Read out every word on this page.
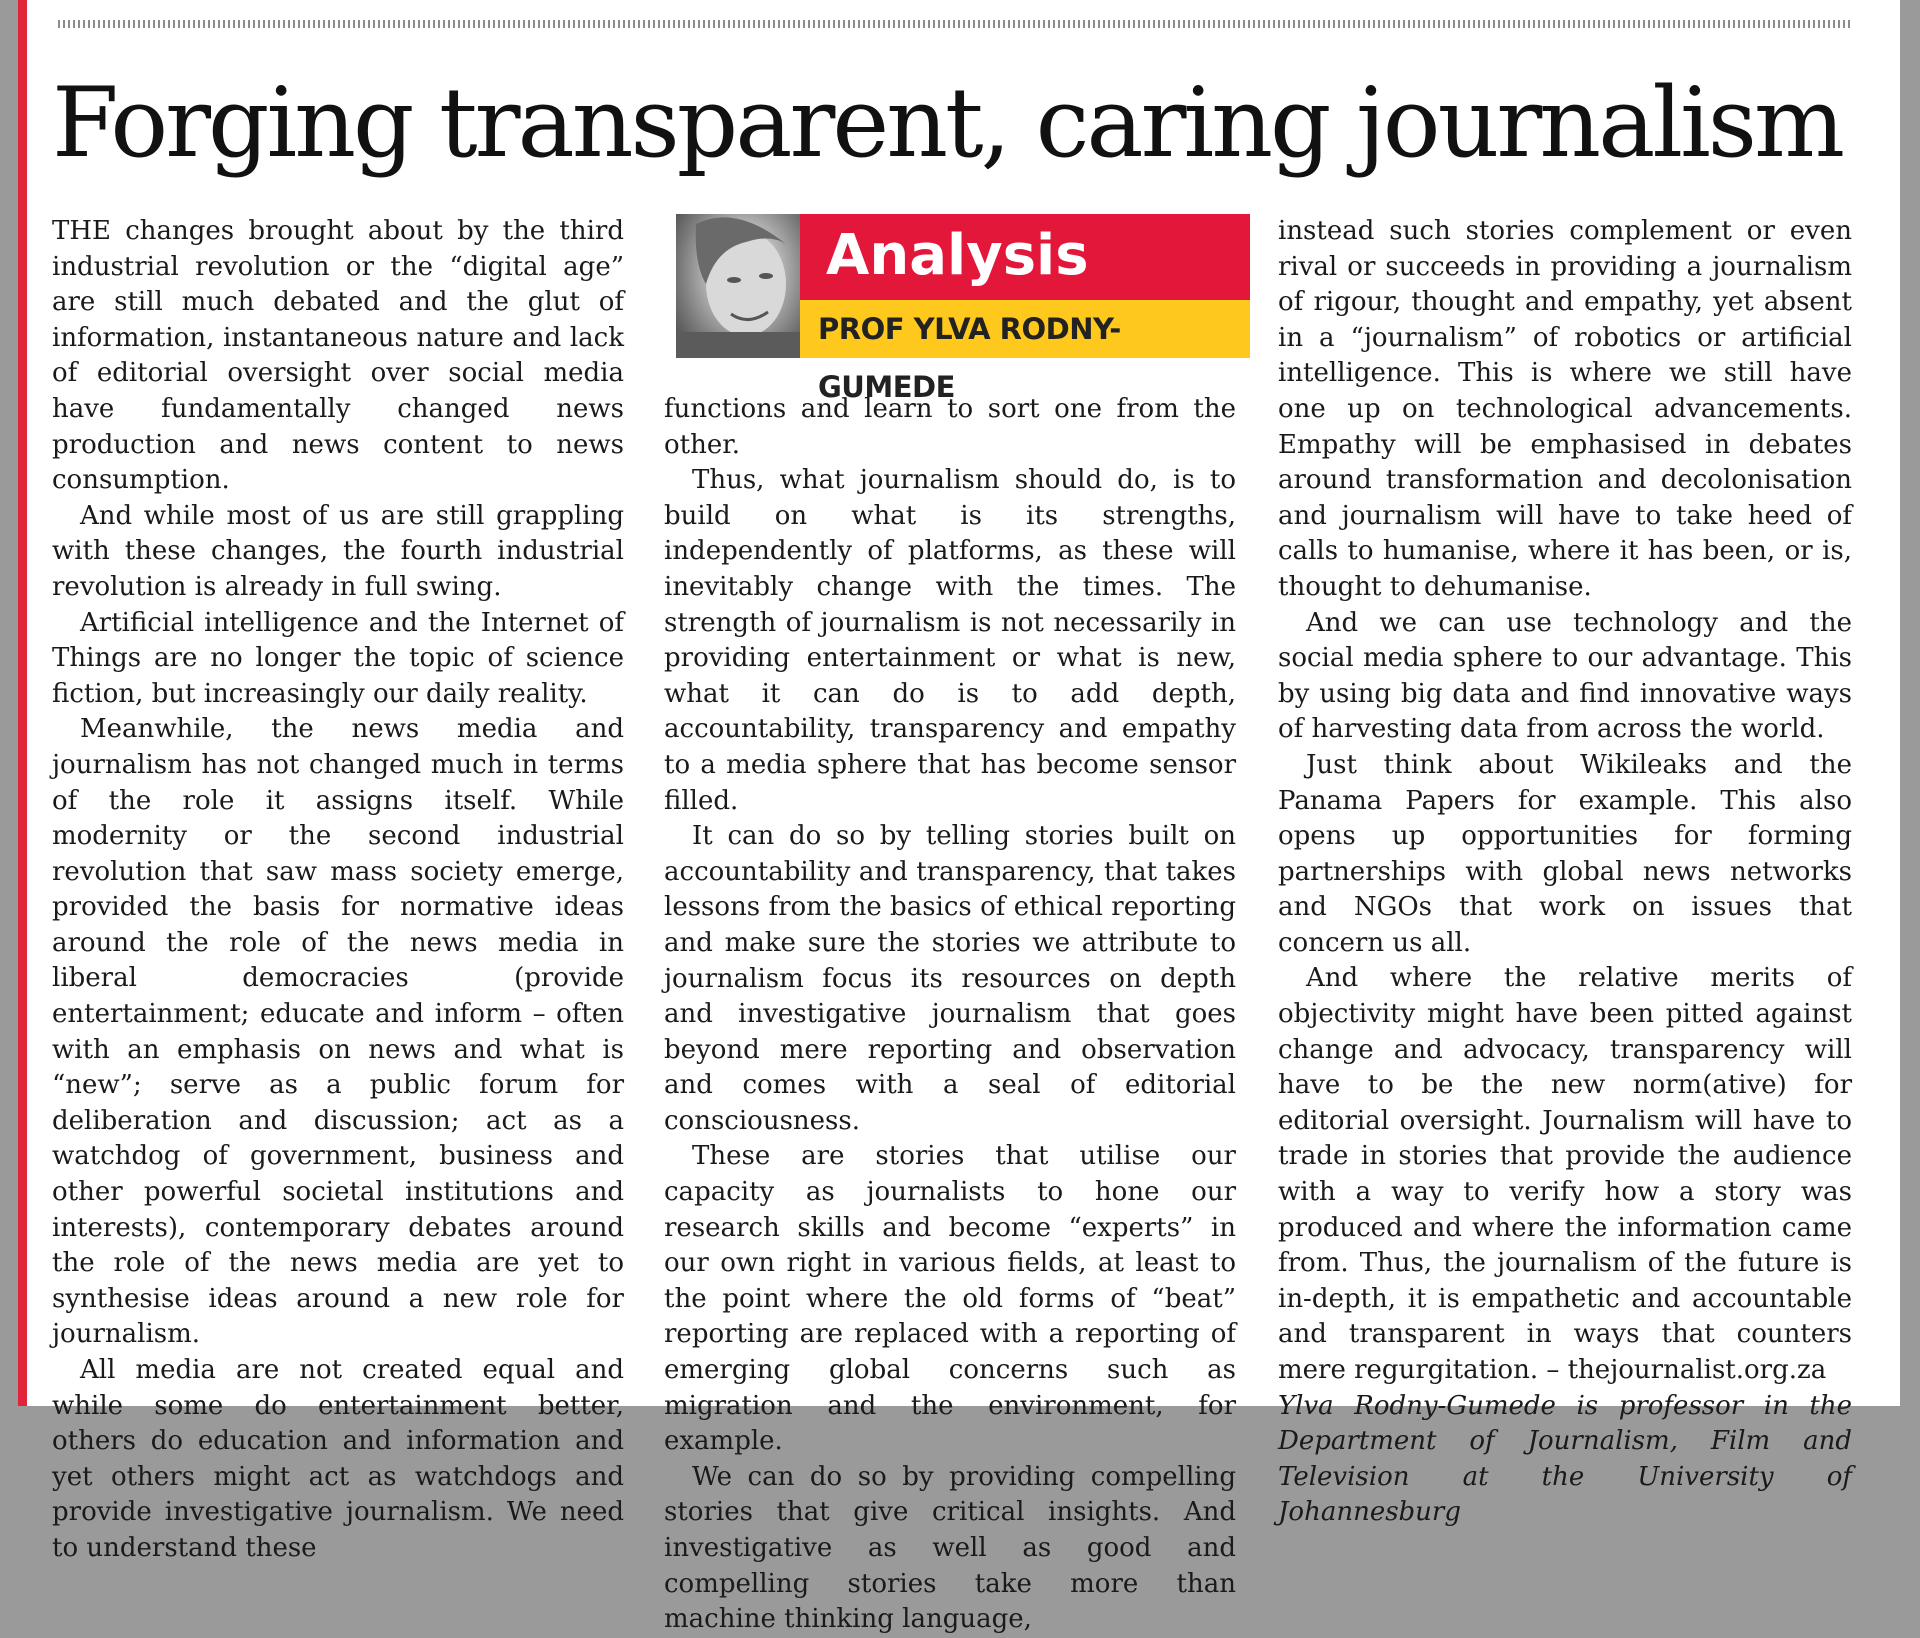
Forging transparent, caring journalism
Analysis
PROF YLVA RODNY-GUMEDE

THE changes brought about by the third industrial revolution or the “digital age” are still much debated and the glut of information, instantaneous nature and lack of editorial oversight over social media have fundamentally changed news production and news content to news consumption.

And while most of us are still grappling with these changes, the fourth industrial revolution is already in full swing.

Artificial intelligence and the Internet of Things are no longer the topic of science fiction, but increasingly our daily reality.

Meanwhile, the news media and journalism has not changed much in terms of the role it assigns itself. While modernity or the second industrial revolution that saw mass society emerge, provided the basis for normative ideas around the role of the news media in liberal democracies (provide entertainment; educate and inform – often with an emphasis on news and what is “new”; serve as a public forum for deliberation and discussion; act as a watchdog of government, business and other powerful societal institutions and interests), contemporary debates around the role of the news media are yet to synthesise ideas around a new role for journalism.

All media are not created equal and while some do entertainment better, others do education and information and yet others might act as watchdogs and provide investigative journalism. We need to understand these

functions and learn to sort one from the other.

Thus, what journalism should do, is to build on what is its strengths, independently of platforms, as these will inevitably change with the times. The strength of journalism is not necessarily in providing entertainment or what is new, what it can do is to add depth, accountability, transparency and empathy to a media sphere that has become sensor filled.

It can do so by telling stories built on accountability and transparency, that takes lessons from the basics of ethical reporting and make sure the stories we attribute to journalism focus its resources on depth and investigative journalism that goes beyond mere reporting and observation and comes with a seal of editorial consciousness.

These are stories that utilise our capacity as journalists to hone our research skills and become “experts” in our own right in various fields, at least to the point where the old forms of “beat” reporting are replaced with a reporting of emerging global concerns such as migration and the environment, for example.

We can do so by providing compelling stories that give critical insights. And investigative as well as good and compelling stories take more than machine thinking language,

instead such stories complement or even rival or succeeds in providing a journalism of rigour, thought and empathy, yet absent in a “journalism” of robotics or artificial intelligence. This is where we still have one up on technological advancements. Empathy will be emphasised in debates around transformation and decolonisation and journalism will have to take heed of calls to humanise, where it has been, or is, thought to dehumanise.

And we can use technology and the social media sphere to our advantage. This by using big data and find innovative ways of harvesting data from across the world.

Just think about Wikileaks and the Panama Papers for example. This also opens up opportunities for forming partnerships with global news networks and NGOs that work on issues that concern us all.

And where the relative merits of objectivity might have been pitted against change and advocacy, transparency will have to be the new norm(ative) for editorial oversight. Journalism will have to trade in stories that provide the audience with a way to verify how a story was produced and where the information came from. Thus, the journalism of the future is in-depth, it is empathetic and accountable and transparent in ways that counters mere regurgitation. – thejournalist.org.za

Ylva Rodny-Gumede is professor in the Department of Journalism, Film and Television at the University of Johannesburg
